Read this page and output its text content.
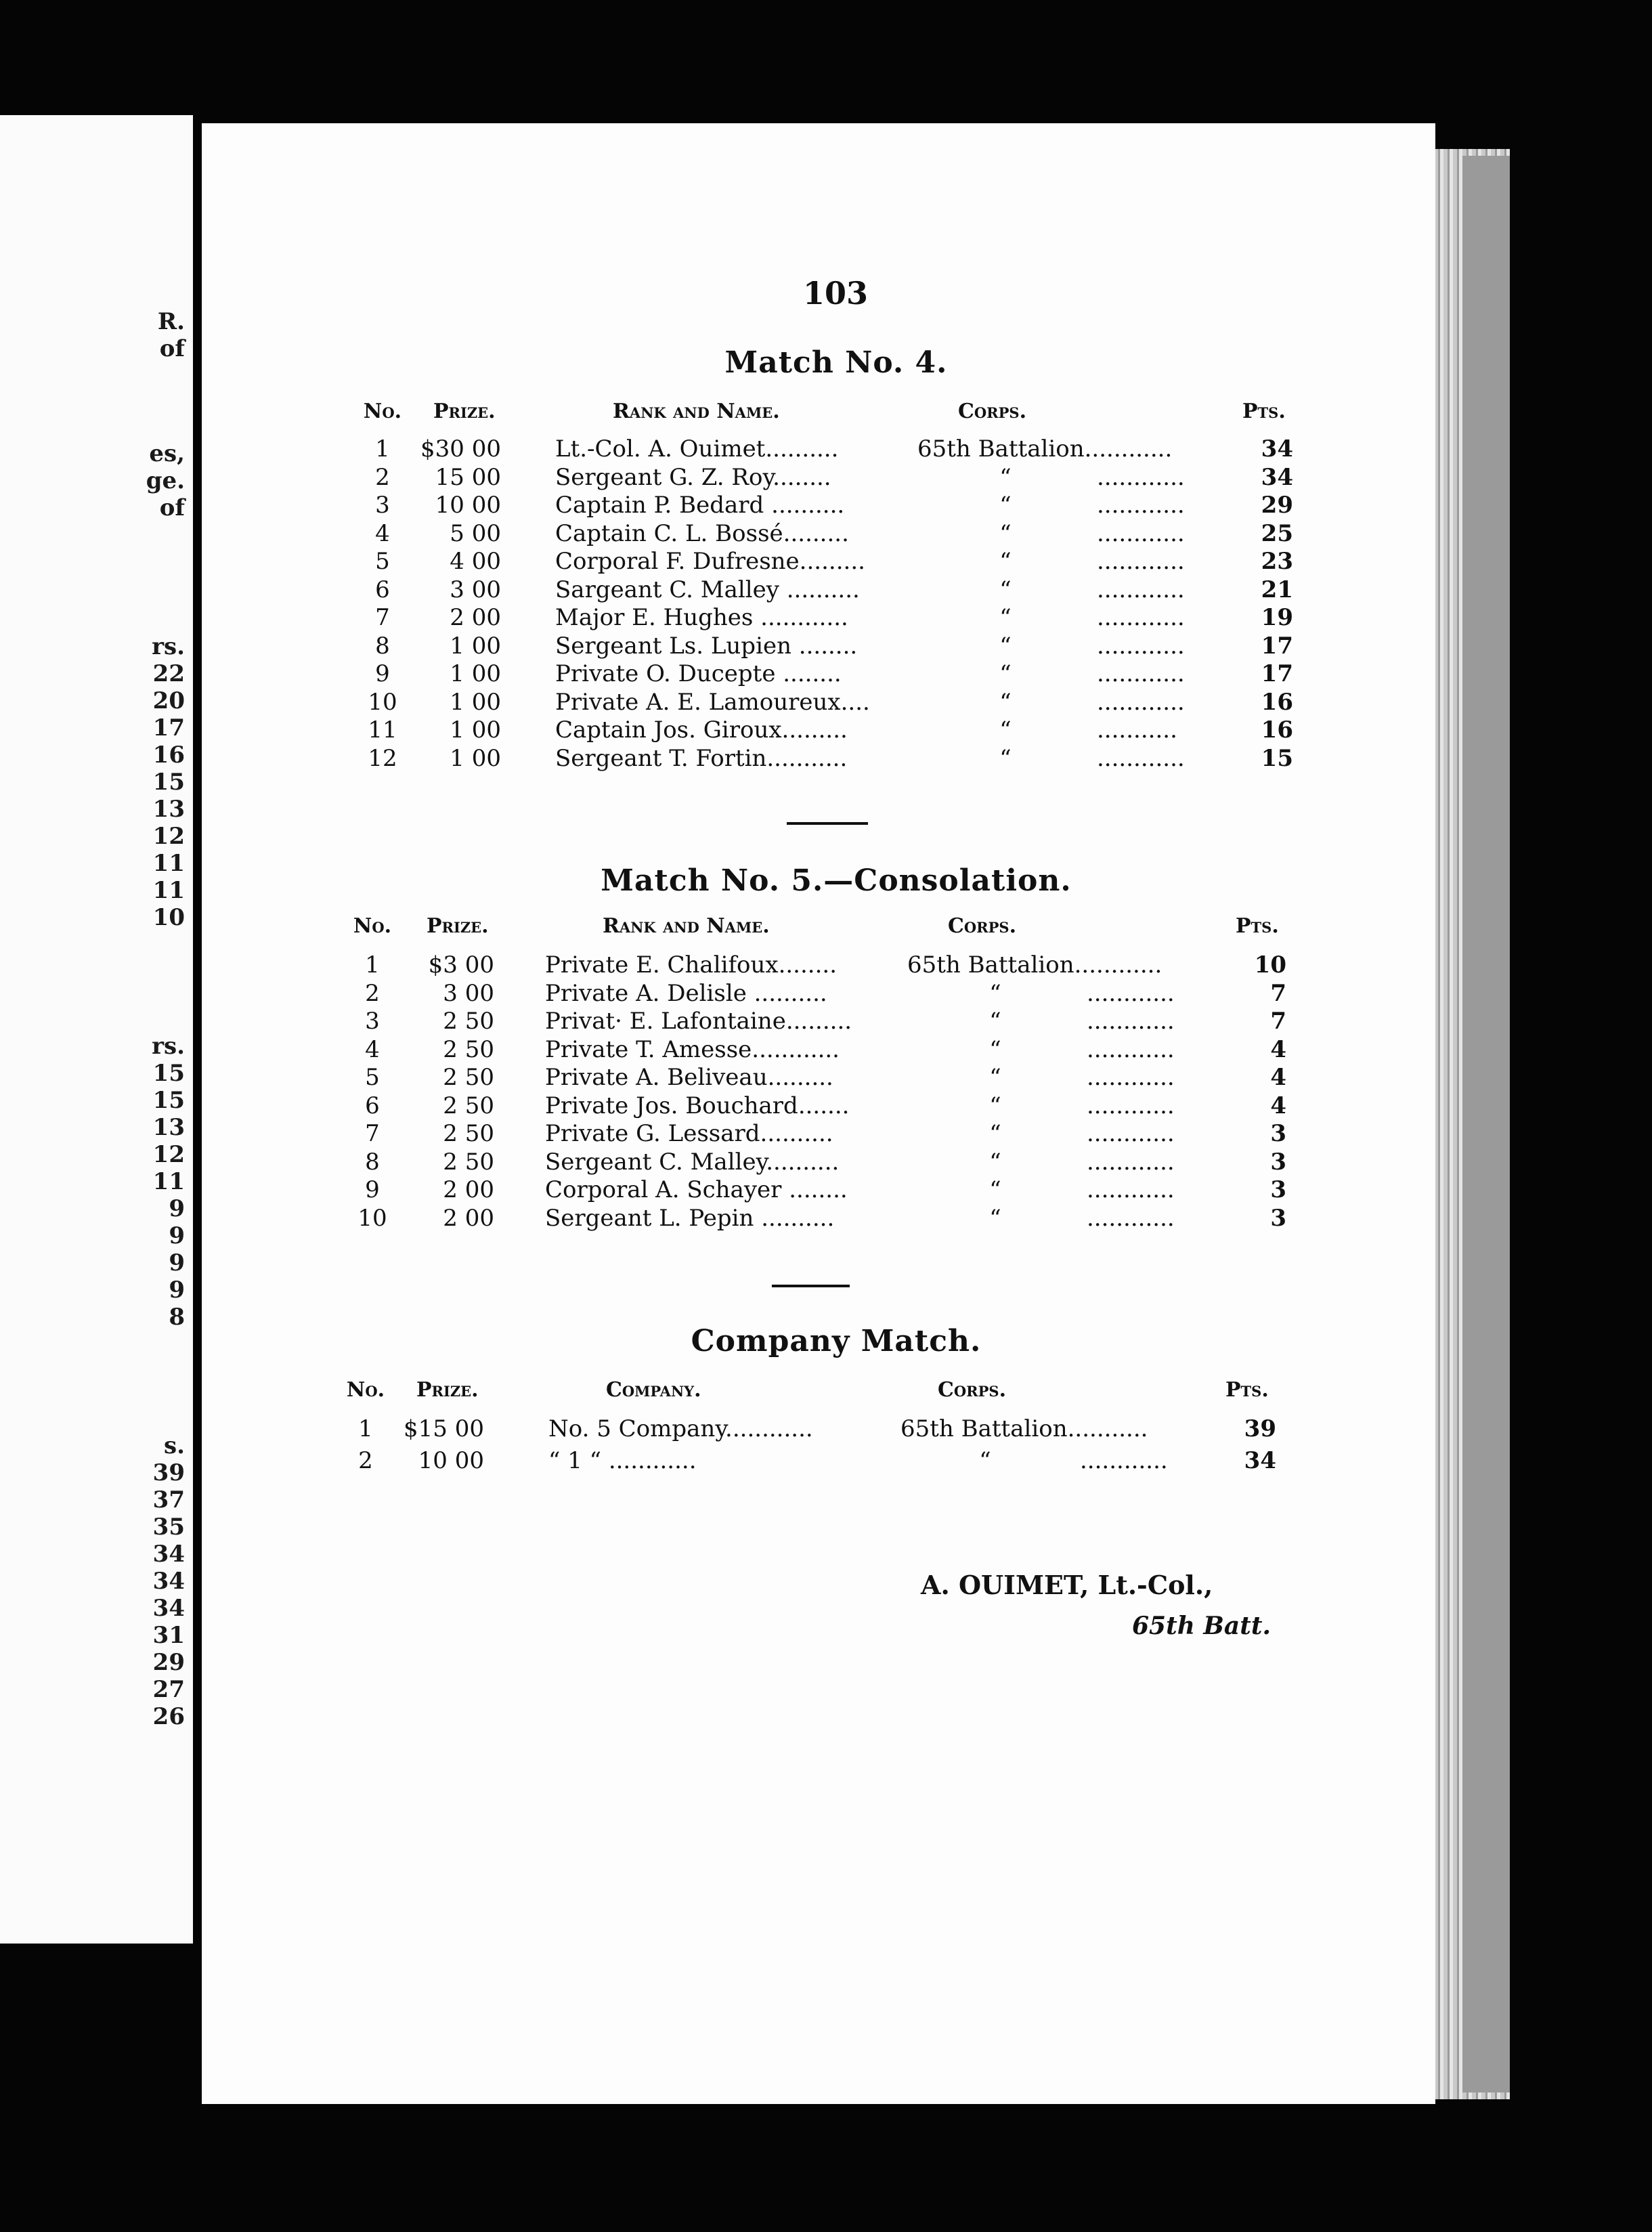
R.
of
es,
ge.
of
rs.
22
20
17
16
15
13
12
11
11
10
rs.
15
15
13
12
11
9
9
9
9
8
s.
39
37
35
34
34
34
31
29
27
26
103
Match No. 4.
No.	Prize.	Rank and Name.	Corps.	Pts.
1	$30 00 Lt.-Col. A. Ouimet..........	65th Battalion............	34
2	15 00 Sergeant G. Z. Roy........	“	............	34
3	10 00 Captain P. Bedard ..........	“	............	29
4	5 00 Captain C. L. Bossé.........	“	............	25
5	4 00 Corporal F. Dufresne.........	“	............	23
6	3 00 Sargeant C. Malley ..........	“	............	21
7	2 00 Major E. Hughes ............	“	............	19
8	1 00 Sergeant Ls. Lupien ........	“	............	17
9	1 00 Private O. Ducepte ........	“	............	17
10	1 00 Private A. E. Lamoureux....	“	............	16
11	1 00 Captain Jos. Giroux.........	“	...........	16
12	1 00 Sergeant T. Fortin...........	“	............	15
Match No. 5.—Consolation.
No.	Prize.	Rank and Name.	Corps.	Pts.
1	$3 00 Private E. Chalifoux........	65th Battalion............	10
2	3 00 Private A. Delisle ..........	“	............	7
3	2 50 Privat· E. Lafontaine.........	“	............	7
4	2 50 Private T. Amesse............	“	............	4
5	2 50 Private A. Beliveau.........	“	............	4
6	2 50 Private Jos. Bouchard.......	“	............	4
7	2 50 Private G. Lessard..........	“	............	3
8	2 50 Sergeant C. Malley..........	“	............	3
9	2 00 Corporal A. Schayer ........	“	............	3
10	2 00 Sergeant L. Pepin ..........	“	............	3
Company Match.
No.	Prize.	Company.	Corps.	Pts.
1	$15 00	No. 5 Company............	65th Battalion...........	39
2	10 00	“ 1 “ ............	“	............	34
A. OUIMET, Lt.-Col.,
65th Batt.
